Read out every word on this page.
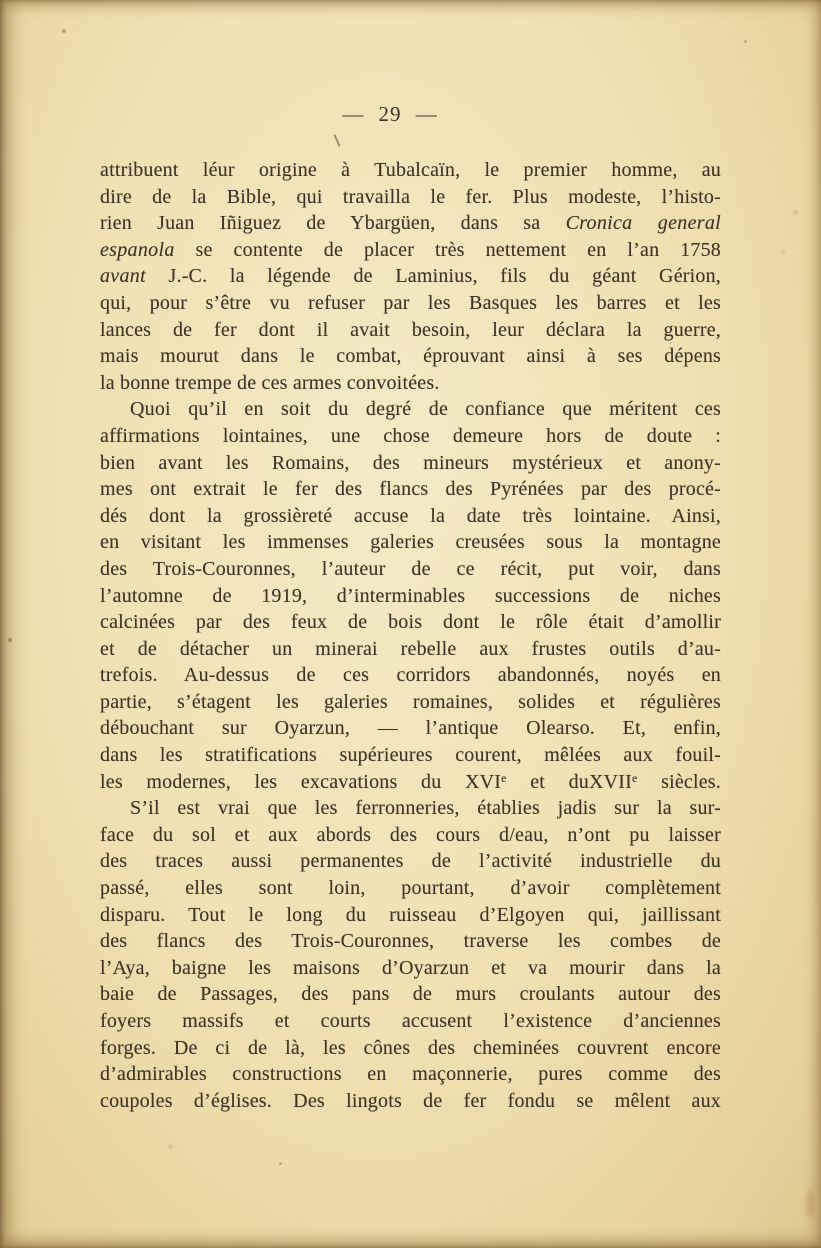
— 29 —
attribuent léur origine à Tubalcaïn, le premier homme, au
dire de la Bible, qui travailla le fer. Plus modeste, l’histo-
rien Juan Iñiguez de Ybargüen, dans sa Cronica general
espanola se contente de placer très nettement en l’an 1758
avant J.-C. la légende de Laminius, fils du géant Gérion,
qui, pour s’être vu refuser par les Basques les barres et les
lances de fer dont il avait besoin, leur déclara la guerre,
mais mourut dans le combat, éprouvant ainsi à ses dépens
la bonne trempe de ces armes convoitées.
Quoi qu’il en soit du degré de confiance que méritent ces
affirmations lointaines, une chose demeure hors de doute :
bien avant les Romains, des mineurs mystérieux et anony-
mes ont extrait le fer des flancs des Pyrénées par des procé-
dés dont la grossièreté accuse la date très lointaine. Ainsi,
en visitant les immenses galeries creusées sous la montagne
des Trois-Couronnes, l’auteur de ce récit, put voir, dans
l’automne de 1919, d’interminables successions de niches
calcinées par des feux de bois dont le rôle était d’amollir
et de détacher un minerai rebelle aux frustes outils d’au-
trefois. Au-dessus de ces corridors abandonnés, noyés en
partie, s’étagent les galeries romaines, solides et régulières
débouchant sur Oyarzun, — l’antique Olearso. Et, enfin,
dans les stratifications supérieures courent, mêlées aux fouil-
les modernes, les excavations du XVIe et duXVII$^e$ siècles.
S’il est vrai que les ferronneries, établies jadis sur la sur-
face du sol et aux abords des cours d/eau, n’ont pu laisser
des traces aussi permanentes de l’activité industrielle du
passé, elles sont loin, pourtant, d’avoir complètement
disparu. Tout le long du ruisseau d’Elgoyen qui, jaillissant
des flancs des Trois-Couronnes, traverse les combes de
l’Aya, baigne les maisons d’Oyarzun et va mourir dans la
baie de Passages, des pans de murs croulants autour des
foyers massifs et courts accusent l’existence d’anciennes
forges. De ci de là, les cônes des cheminées couvrent encore
d’admirables constructions en maçonnerie, pures comme des
coupoles d’églises. Des lingots de fer fondu se mêlent aux
